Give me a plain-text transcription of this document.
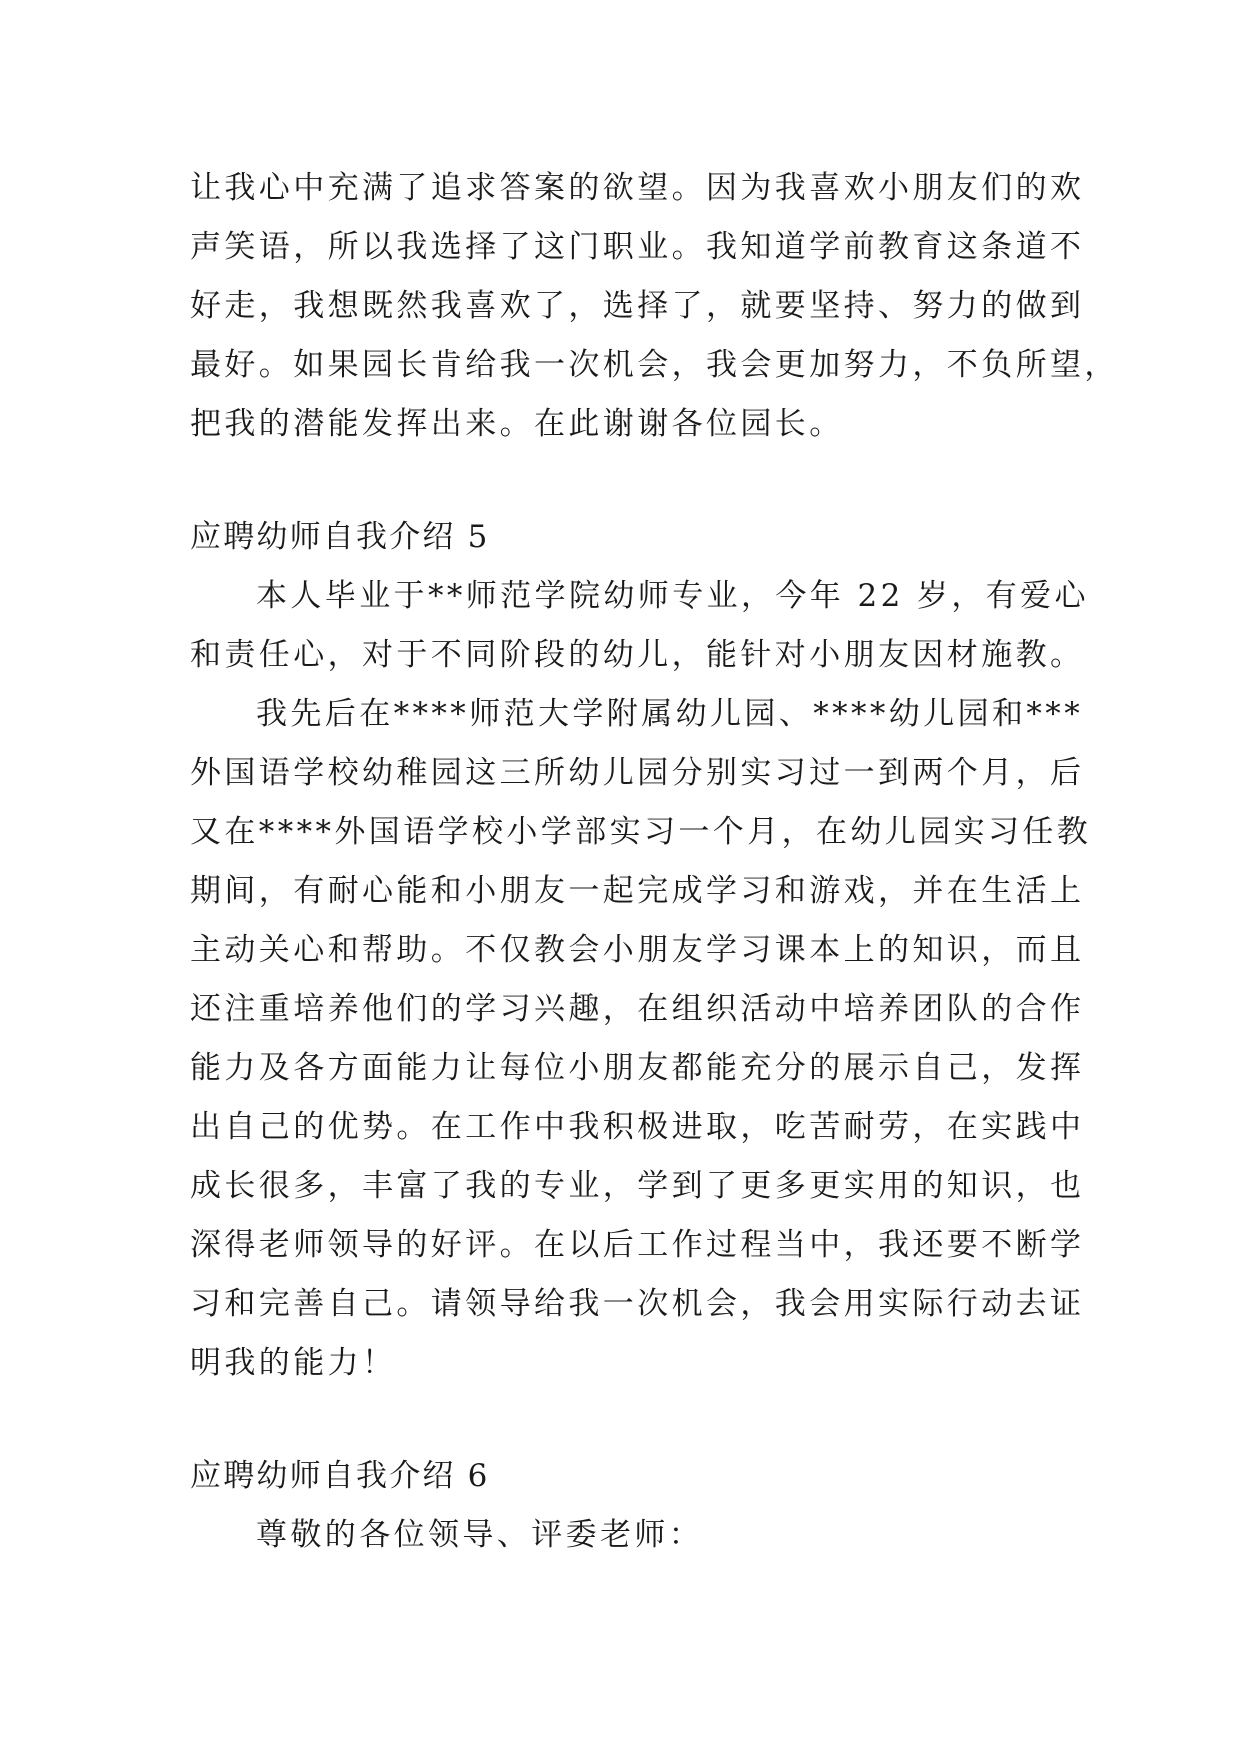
让我心中充满了追求答案的欲望。因为我喜欢小朋友们的欢
声笑语，所以我选择了这门职业。我知道学前教育这条道不
好走，我想既然我喜欢了，选择了，就要坚持、努力的做到
最好。如果园长肯给我一次机会，我会更加努力，不负所望，
把我的潜能发挥出来。在此谢谢各位园长。
应聘幼师自我介绍 5
本人毕业于**师范学院幼师专业，今年 22 岁，有爱心
和责任心，对于不同阶段的幼儿，能针对小朋友因材施教。
我先后在****师范大学附属幼儿园、****幼儿园和***
外国语学校幼稚园这三所幼儿园分别实习过一到两个月，后
又在****外国语学校小学部实习一个月，在幼儿园实习任教
期间，有耐心能和小朋友一起完成学习和游戏，并在生活上
主动关心和帮助。不仅教会小朋友学习课本上的知识，而且
还注重培养他们的学习兴趣，在组织活动中培养团队的合作
能力及各方面能力让每位小朋友都能充分的展示自己，发挥
出自己的优势。在工作中我积极进取，吃苦耐劳，在实践中
成长很多，丰富了我的专业，学到了更多更实用的知识，也
深得老师领导的好评。在以后工作过程当中，我还要不断学
习和完善自己。请领导给我一次机会，我会用实际行动去证
明我的能力！
应聘幼师自我介绍 6
尊敬的各位领导、评委老师：
